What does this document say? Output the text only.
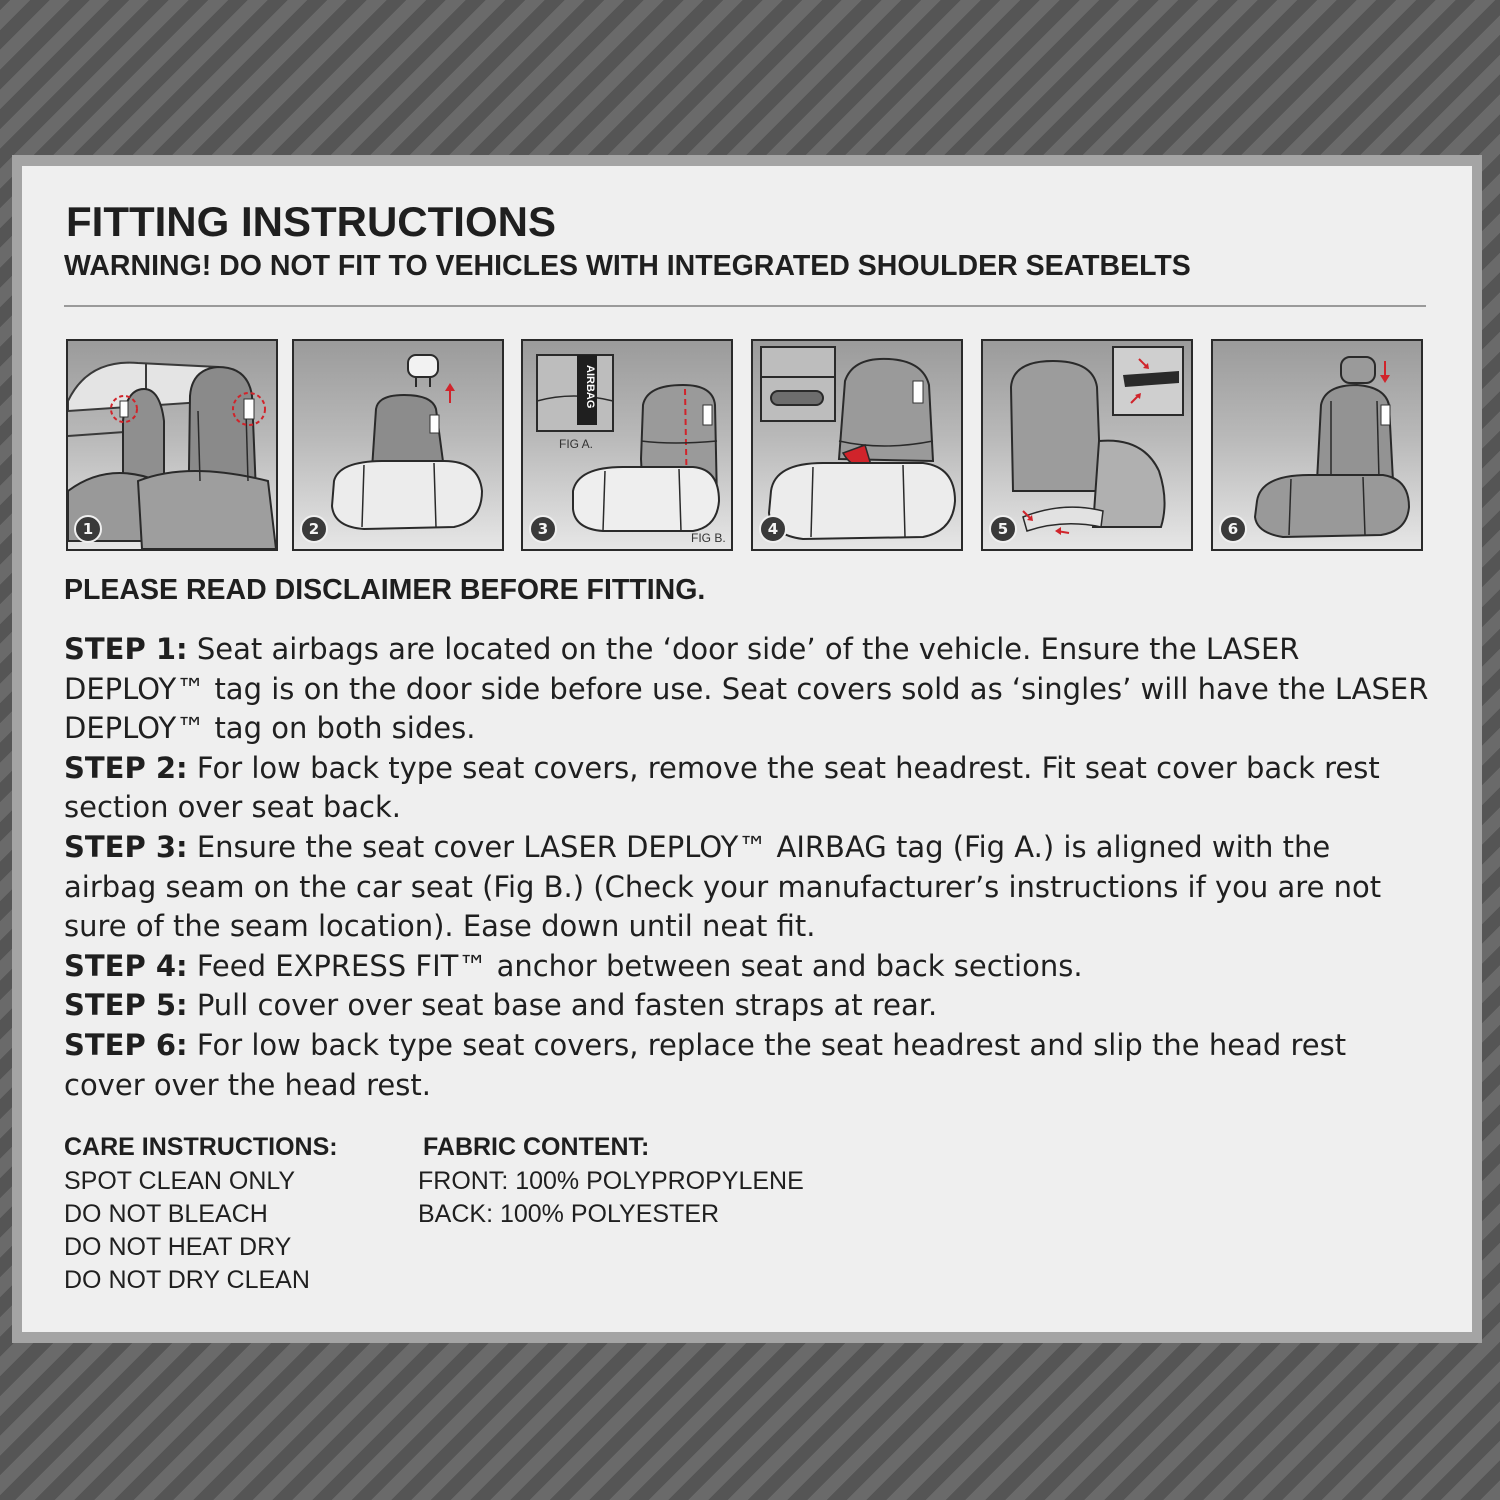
FITTING INSTRUCTIONS
WARNING! DO NOT FIT TO VEHICLES WITH INTEGRATED SHOULDER SEATBELTS
1	2
AIRBAG
FIG A.
FIG B.
3	4	5	6
PLEASE READ DISCLAIMER BEFORE FITTING.

STEP 1: Seat airbags are located on the ‘door side’ of the vehicle. Ensure the LASER DEPLOY™ tag is on the door side before use. Seat covers sold as ‘singles’ will have the LASER DEPLOY™ tag on both sides.

STEP 2: For low back type seat covers, remove the seat headrest. Fit seat cover back rest section over seat back.

STEP 3: Ensure the seat cover LASER DEPLOY™ AIRBAG tag (Fig A.) is aligned with the airbag seam on the car seat (Fig B.) (Check your manufacturer’s instructions if you are not sure of the seam location). Ease down until neat fit.

STEP 4: Feed EXPRESS FIT™ anchor between seat and back sections.

STEP 5: Pull cover over seat base and fasten straps at rear.

STEP 6: For low back type seat covers, replace the seat headrest and slip the head rest cover over the head rest.

CARE INSTRUCTIONS:

SPOT CLEAN ONLY

DO NOT BLEACH

DO NOT HEAT DRY

DO NOT DRY CLEAN

FABRIC CONTENT:

FRONT: 100% POLYPROPYLENE

BACK: 100% POLYESTER
